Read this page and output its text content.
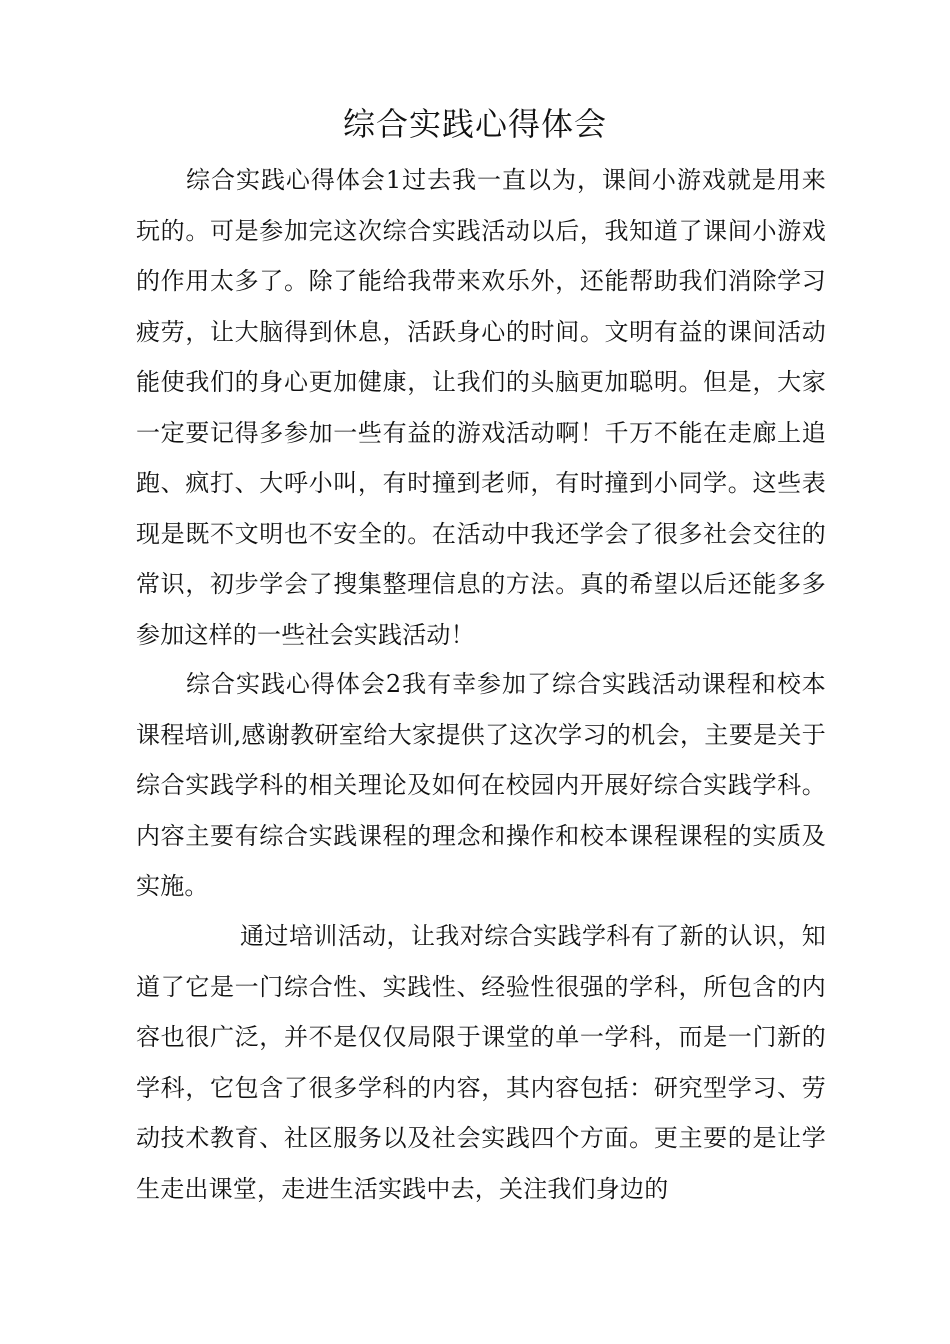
综合实践心得体会

综合实践心得体会1过去我一直以为，课间小游戏就是用来玩的。可是参加完这次综合实践活动以后，我知道了课间小游戏的作用太多了。除了能给我带来欢乐外，还能帮助我们消除学习疲劳，让大脑得到休息，活跃身心的时间。文明有益的课间活动能使我们的身心更加健康，让我们的头脑更加聪明。但是，大家一定要记得多参加一些有益的游戏活动啊！千万不能在走廊上追跑、疯打、大呼小叫，有时撞到老师，有时撞到小同学。这些表现是既不文明也不安全的。在活动中我还学会了很多社会交往的常识，初步学会了搜集整理信息的方法。真的希望以后还能多多参加这样的一些社会实践活动！

综合实践心得体会2我有幸参加了综合实践活动课程和校本课程培训,感谢教研室给大家提供了这次学习的机会，主要是关于综合实践学科的相关理论及如何在校园内开展好综合实践学科。内容主要有综合实践课程的理念和操作和校本课程课程的实质及实施。

通过培训活动，让我对综合实践学科有了新的认识，知道了它是一门综合性、实践性、经验性很强的学科，所包含的内容也很广泛，并不是仅仅局限于课堂的单一学科，而是一门新的学科，它包含了很多学科的内容，其内容包括：研究型学习、劳动技术教育、社区服务以及社会实践四个方面。更主要的是让学生走出课堂，走进生活实践中去，关注我们身边的
